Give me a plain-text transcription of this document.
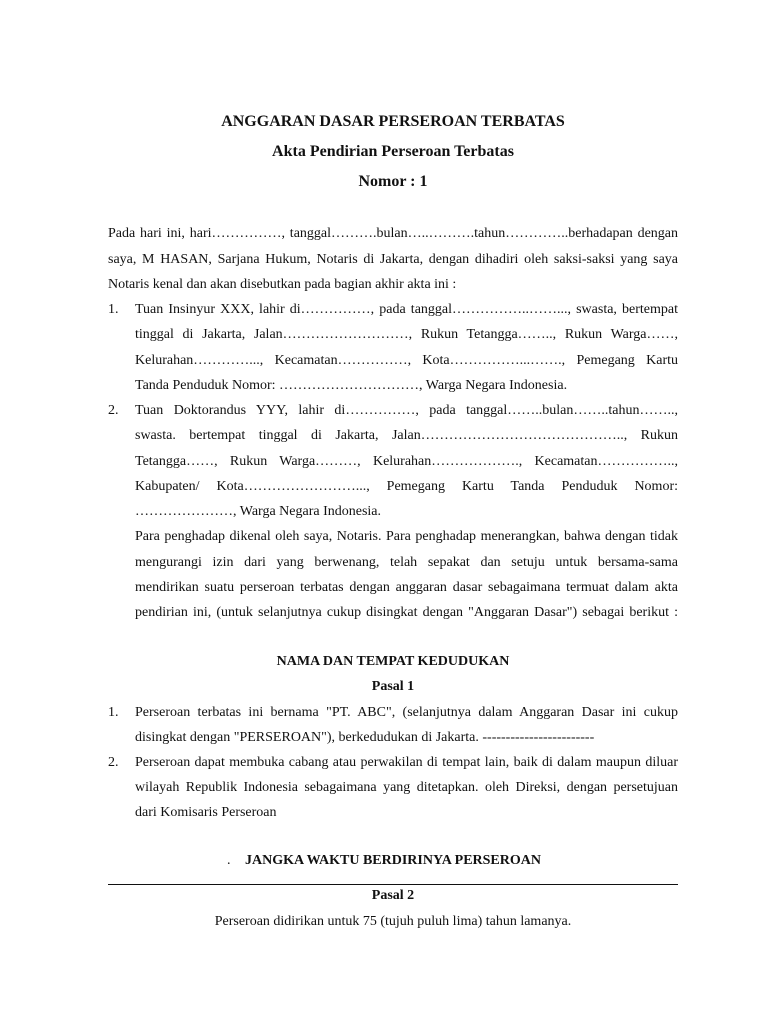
ANGGARAN DASAR PERSEROAN TERBATAS
Akta Pendirian Perseroan Terbatas
Nomor : 1
Pada hari ini, hari……………, tanggal……….bulan…..……….tahun…………..berhadapan dengan
saya, M HASAN, Sarjana Hukum, Notaris di Jakarta, dengan dihadiri oleh saksi-saksi yang saya
Notaris kenal dan akan disebutkan pada bagian akhir akta ini :
1. Tuan Insinyur XXX, lahir di……………, pada tanggal……………..……..., swasta, bertempat
tinggal di Jakarta, Jalan………………………, Rukun Tetangga…….., Rukun Warga……,
Kelurahan…………..., Kecamatan……………, Kota……………...……., Pemegang Kartu
Tanda Penduduk Nomor: …………………………, Warga Negara Indonesia.
2. Tuan Doktorandus YYY, lahir di……………, pada tanggal……..bulan……..tahun……..,
swasta. bertempat tinggal di Jakarta, Jalan…………………………………….., Rukun
Tetangga……, Rukun Warga………, Kelurahan………………., Kecamatan……………..,
Kabupaten/ Kota……………………..., Pemegang Kartu Tanda Penduduk Nomor:
…………………, Warga Negara Indonesia.
Para penghadap dikenal oleh saya, Notaris. Para penghadap menerangkan, bahwa dengan tidak
mengurangi izin dari yang berwenang, telah sepakat dan setuju untuk bersama-sama
mendirikan suatu perseroan terbatas dengan anggaran dasar sebagaimana termuat dalam akta
pendirian ini, (untuk selanjutnya cukup disingkat dengan "Anggaran Dasar") sebagai berikut :
NAMA DAN TEMPAT KEDUDUKAN
Pasal 1
1. Perseroan terbatas ini bernama "PT. ABC", (selanjutnya dalam Anggaran Dasar ini cukup
disingkat dengan "PERSEROAN"), berkedudukan di Jakarta. ------------------------
2. Perseroan dapat membuka cabang atau perwakilan di tempat lain, baik di dalam maupun diluar
wilayah Republik Indonesia sebagaimana yang ditetapkan. oleh Direksi, dengan persetujuan
dari Komisaris Perseroan
.	JANGKA WAKTU BERDIRINYA PERSEROAN
Pasal 2
Perseroan didirikan untuk 75 (tujuh puluh lima) tahun lamanya.
